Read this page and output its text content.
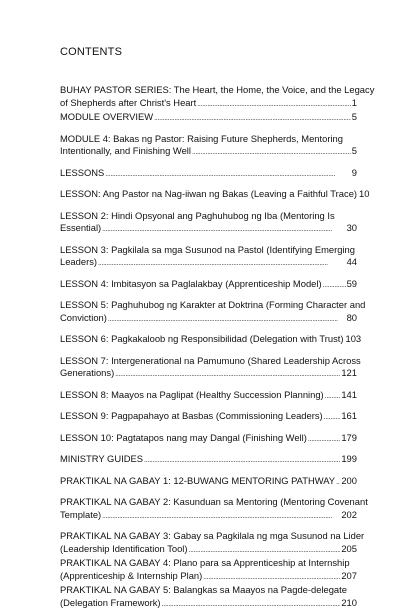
CONTENTS
BUHAY PASTOR SERIES: The Heart, the Home, the Voice, and the Legacy
of Shepherds after Christ's Heart . . .	1
MODULE OVERVIEW . . .	5
MODULE 4: Bakas ng Pastor: Raising Future Shepherds, Mentoring
Intentionally, and Finishing Well . . .	5
LESSONS . . .	9
LESSON: Ang Pastor na Nag-iiwan ng Bakas (Leaving a Faithful Trace) 10
LESSON 2: Hindi Opsyonal ang Paghuhubog ng Iba (Mentoring Is
Essential) . . .	30
LESSON 3: Pagkilala sa mga Susunod na Pastol (Identifying Emerging
Leaders) . . .	44
LESSON 4: Imbitasyon sa Paglalakbay (Apprenticeship Model) . . .	59
LESSON 5: Paghuhubog ng Karakter at Doktrina (Forming Character and
Conviction) . . .	80
LESSON 6: Pagkakaloob ng Responsibilidad (Delegation with Trust) 103
LESSON 7: Intergenerational na Pamumuno (Shared Leadership Across
Generations) . . .	121
LESSON 8: Maayos na Paglipat (Healthy Succession Planning) . . . 141
LESSON 9: Pagpapahayo at Basbas (Commissioning Leaders) . . . 161
LESSON 10: Pagtatapos nang may Dangal (Finishing Well) . . .	179
MINISTRY GUIDES . . .	199
PRAKTIKAL NA GABAY 1: 12-BUWANG MENTORING PATHWAY . . . 200
PRAKTIKAL NA GABAY 2: Kasunduan sa Mentoring (Mentoring Covenant
Template) . . .	202
PRAKTIKAL NA GABAY 3: Gabay sa Pagkilala ng mga Susunod na Lider
(Leadership Identification Tool) . . .	205
PRAKTIKAL NA GABAY 4: Plano para sa Apprenticeship at Internship
(Apprenticeship & Internship Plan) . . .	207
PRAKTIKAL NA GABAY 5: Balangkas sa Maayos na Pagde-delegate
(Delegation Framework) . . .	210
